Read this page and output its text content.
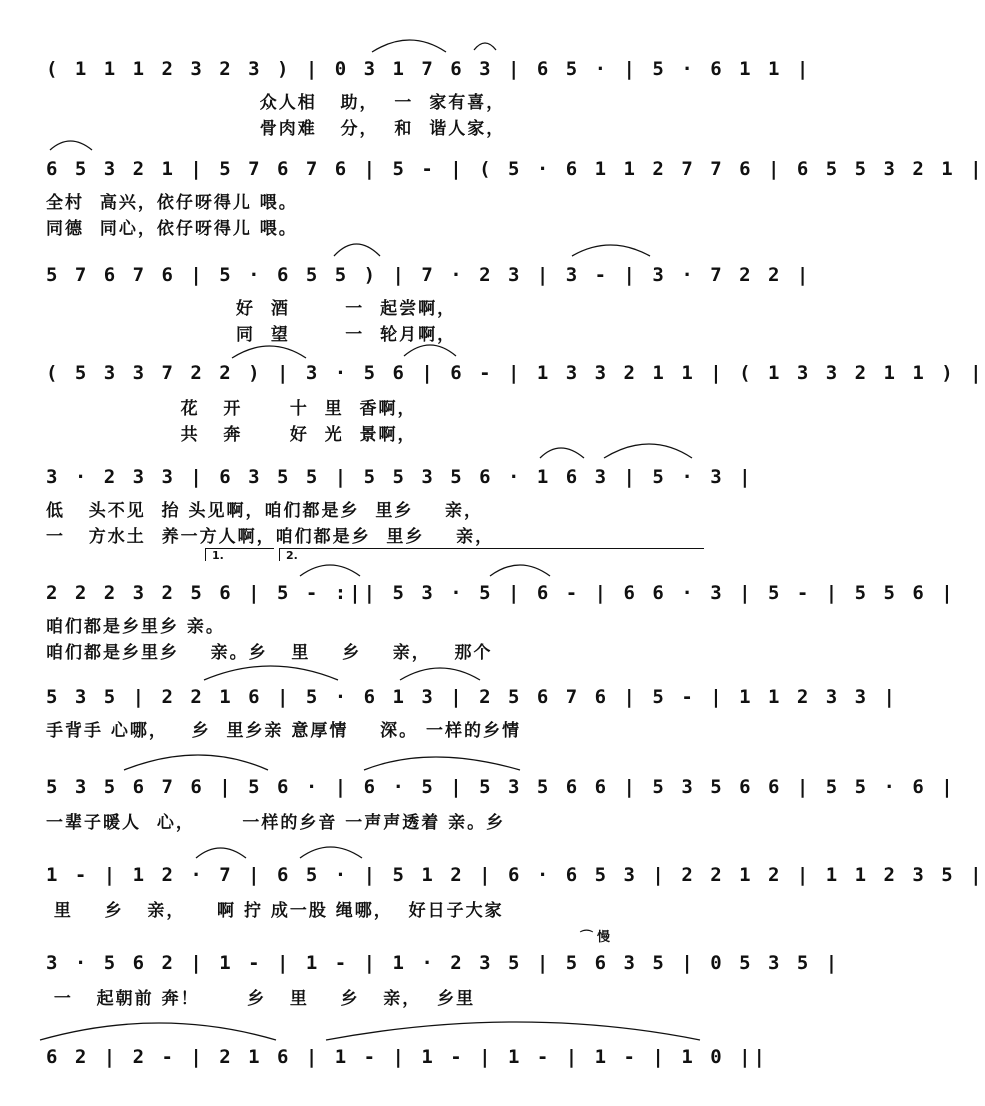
( 1 1 1 2 3 2 3 ) | 0 3 1 7 6 3 | 6 5 · | 5 · 6 1 1 |
众人相   助，  一  家有喜，
骨肉难   分，  和  谐人家，
6 5 3 2 1 | 5 7 6 7 6 | 5 - | ( 5 · 6 1 1 2 7 7 6 | 6 5 5 3 2 1 |
全村  高兴，依仔呀得儿 喂。
同德  同心，依仔呀得儿 喂。
5 7 6 7 6 | 5 · 6 5 5 ) | 7 · 2 3 | 3 - | 3 · 7 2 2 |
好  酒       一  起尝啊，
同  望       一  轮月啊，
( 5 3 3 7 2 2 ) | 3 · 5 6 | 6 - | 1 3 3 2 1 1 | ( 1 3 3 2 1 1 ) |
花   开      十  里  香啊，
共   奔      好  光  景啊，
3 · 2 3 3 | 6 3 5 5 | 5 5 3 5 6 · 1 6 3 | 5 · 3 |
低   头不见  抬 头见啊，咱们都是乡  里乡    亲，
一   方水土  养一方人啊，咱们都是乡  里乡    亲，
1.	2.
2 2 2 3 2 5 6 | 5 - :|| 5 3 · 5 | 6 - | 6 6 · 3 | 5 - | 5 5 6 |
咱们都是乡里乡 亲。
咱们都是乡里乡    亲。乡   里    乡    亲，   那个
5 3 5 | 2 2 1 6 | 5 · 6 1 3 | 2 5 6 7 6 | 5 - | 1 1 2 3 3 |
手背手 心哪，   乡  里乡亲 意厚情    深。 一样的乡情
5 3 5 6 7 6 | 5 6 · | 6 · 5 | 5 3 5 6 6 | 5 3 5 6 6 | 5 5 · 6 |
一辈子暖人  心，      一样的乡音 一声声透着 亲。乡
1 - | 1 2 · 7 | 6 5 · | 5 1 2 | 6 · 6 5 3 | 2 2 1 2 | 1 1 2 3 5 |
里    乡   亲，    啊 拧 成一股 绳哪，  好日子大家
⌒ 慢
3 · 5 6 2 | 1 - | 1 - | 1 · 2 3 5 | 5 6 3 5 | 0 5 3 5 |
一   起朝前 奔！      乡   里    乡   亲，  乡里
6 2 | 2 - | 2 1 6 | 1 - | 1 - | 1 - | 1 - | 1 0 ||
